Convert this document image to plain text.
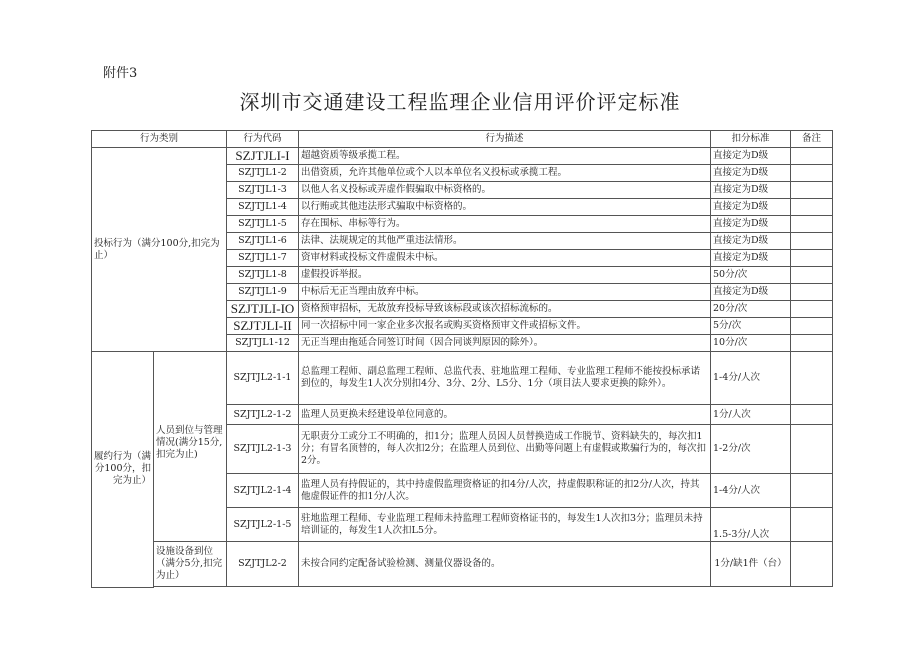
附件3
深圳市交通建设工程监理企业信用评价评定标准
行为类别		行为代码	行为描述	扣分标准	备注
投标行为（满分100分,扣完为止）		SZJTJLI-I	超越资质等级承揽工程。	直接定为D级	
		SZJTJL1-2	出借资质，允许其他单位或个人以本单位名义投标或承揽工程。	直接定为D级	
		SZJTJL1-3	以他人名义投标或弄虚作假骗取中标资格的。	直接定为D级	
		SZJTJL1-4	以行贿或其他违法形式骗取中标资格的。	直接定为D级	
		SZJTJL1-5	存在围标、串标等行为。	直接定为D级	
		SZJTJL1-6	法律、法规规定的其他严重违法情形。	直接定为D级	
		SZJTJL1-7	资审材料或投标文件虚假未中标。	直接定为D级	
		SZJTJL1-8	虚假投诉举报。	50分/次	
		SZJTJL1-9	中标后无正当理由放弃中标。	直接定为D级	
		SZJTJLI-IO	资格预审招标，无故放弃投标导致该标段或该次招标流标的。	20分/次	
		SZJTJLI-II	同一次招标中同一家企业多次报名或购买资格预审文件或招标文件。	5分/次	
		SZJTJL1-12	无正当理由拖延合同签订时间（因合同谈判原因的除外）。	10分/次	
履约行为（满分100分，扣完为止）		SZJTJL2-1-1	总监理工程师、副总监理工程师、总监代表、驻地监理工程师、专业监理工程师不能按投标承诺到位的，每发生1人次分别扣4分、3分、2分、L5分、1分（项目法人要求更换的除外）。	1-4分/人次	
		SZJTJL2-1-2	监理人员更换未经建设单位同意的。	1分/人次	
	人员到位与管理情况(满分15分,扣完为止)	SZJTJL2-1-3	无职责分工或分工不明确的，扣1分；监理人员因人员替换造成工作脱节、资料缺失的，每次扣1分；有冒名顶替的，每人次扣2分；在监理人员到位、出勤等问题上有虚假或欺骗行为的，每次扣2分。	1-2分/次	
		SZJTJL2-1-4	监理人员有持假证的，其中持虚假监理资格证的扣4分/人次，持虚假职称证的扣2分/人次，持其他虚假证件的扣1分/人次。	1-4分/人次	
		SZJTJL2-1-5	驻地监理工程师、专业监理工程师未持监理工程师资格证书的，每发生1人次扣3分；监理员未持培训证的，每发生1人次扣L5分。	1.5-3分/人次	
	设施设备到位（满分5分,扣完为止）	SZJTJL2-2	未按合同约定配备试验检测、测量仪器设备的。	1分/缺1件（台）	
